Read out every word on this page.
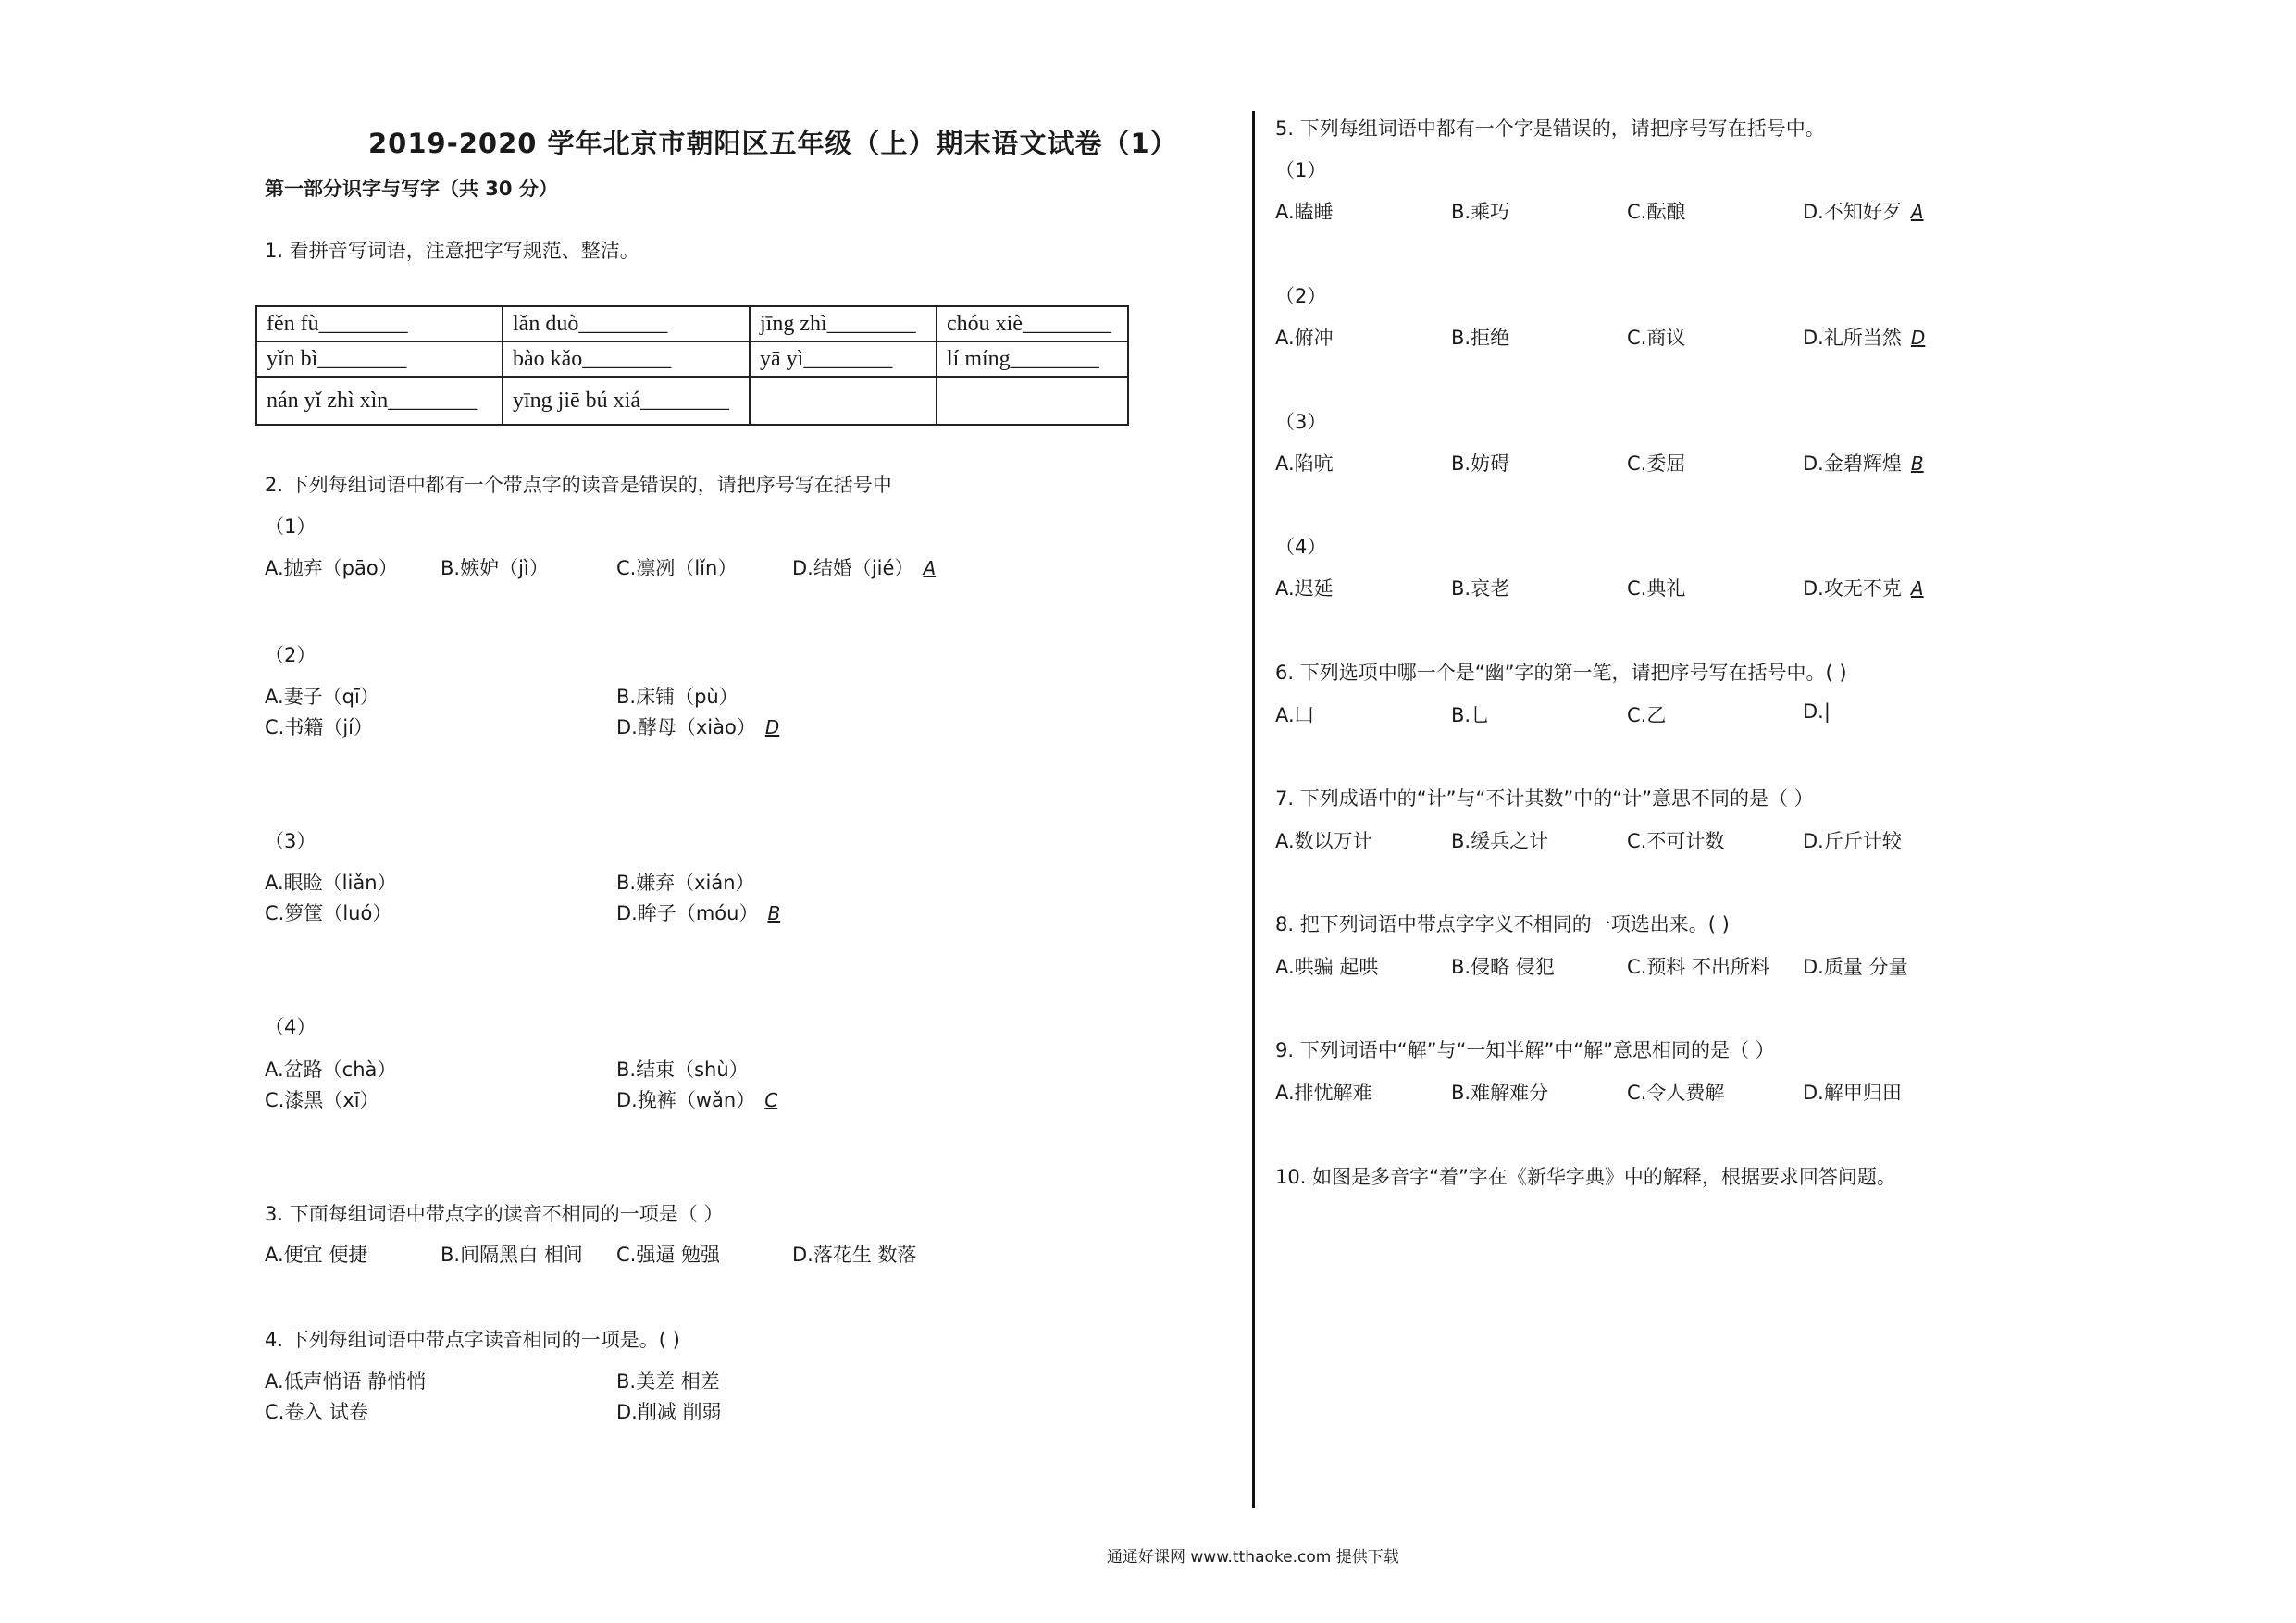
2019-2020 学年北京市朝阳区五年级（上）期末语文试卷（1）
第一部分识字与写字（共 30 分）
1. 看拼音写词语，注意把字写规范、整洁。
fěn fù________	lǎn duò________	jīng zhì________	chóu xiè________
yǐn bì________	bào kǎo________	yā yì________	lí míng________
nán yǐ zhì xìn________	yīng jiē bú xiá________		
2. 下列每组词语中都有一个带点字的读音是错误的，请把序号写在括号中
（1）
A.抛弃（pāo） B.嫉妒（jì）	C.凛冽（lǐn）	D.结婚（jié） A
（2）
A.妻子（qī）	B.床铺（pù）
C.书籍（jí）	D.酵母（xiào） D
（3）
A.眼睑（liǎn）	B.嫌弃（xián）
C.箩筐（luó）	D.眸子（móu） B
（4）
A.岔路（chà）	B.结束（shù）
C.漆黑（xī）	D.挽裤（wǎn） C
3. 下面每组词语中带点字的读音不相同的一项是（ ）
A.便宜 便捷	B.间隔黑白 相间 C.强逼 勉强	D.落花生 数落
4. 下列每组词语中带点字读音相同的一项是。( )
A.低声悄语 静悄悄	B.美差 相差
C.卷入 试卷	D.削减 削弱
5. 下列每组词语中都有一个字是错误的，请把序号写在括号中。
（1）
A.瞌睡	B.乘巧	C.酝酿	D.不知好歹 A
（2）
A.俯冲	B.拒绝	C.商议	D.礼所当然 D
（3）
A.陷吭	B.妨碍	C.委屈	D.金碧辉煌 B
（4）
A.迟延	B.哀老	C.典礼	D.攻无不克 A
6. 下列选项中哪一个是“幽”字的第一笔，请把序号写在括号中。( )
A.凵	B.乚	C.乙	D.|
7. 下列成语中的“计”与“不计其数”中的“计”意思不同的是（ ）
A.数以万计	B.缓兵之计	C.不可计数	D.斤斤计较
8. 把下列词语中带点字字义不相同的一项选出来。( )
A.哄骗 起哄	B.侵略 侵犯	C.预料 不出所料 D.质量 分量
9. 下列词语中“解”与“一知半解”中“解”意思相同的是（ ）
A.排忧解难	B.难解难分	C.令人费解	D.解甲归田
10. 如图是多音字“着”字在《新华字典》中的解释，根据要求回答问题。
通通好课网 www.tthaoke.com 提供下载
